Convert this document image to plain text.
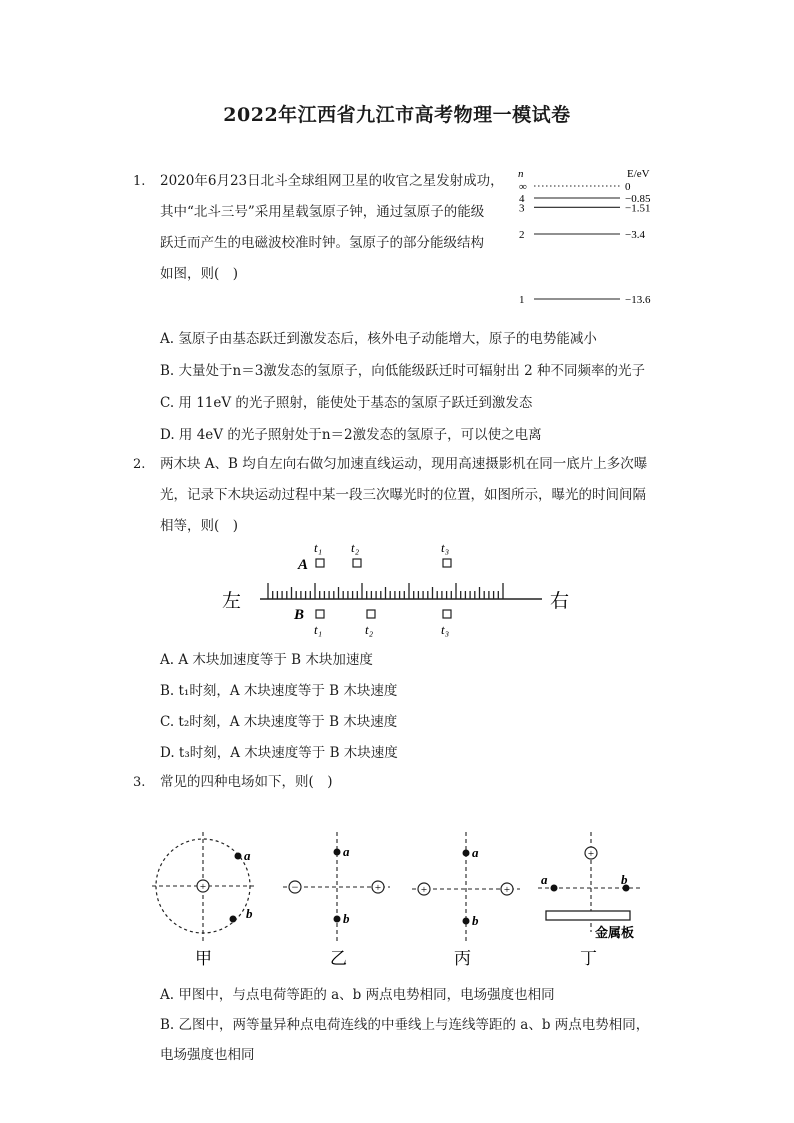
2022年江西省九江市高考物理一模试卷
1. 2020年6月23日北斗全球组网卫星的收官之星发射成功，
其中“北斗三号”采用星载氢原子钟，通过氢原子的能级
跃迁而产生的电磁波校准时钟。氢原子的部分能级结构
如图，则(　)
n	E/eV
∞	0
4	−0.85
3	−1.51
2	−3.4
1	−13.6
A. 氢原子由基态跃迁到激发态后，核外电子动能增大，原子的电势能减小
B. 大量处于n＝3激发态的氢原子，向低能级跃迁时可辐射出 2 种不同频率的光子
C. 用 11eV 的光子照射，能使处于基态的氢原子跃迁到激发态
D. 用 4eV 的光子照射处于n＝2激发态的氢原子，可以使之电离
2. 两木块 A、B 均自左向右做匀加速直线运动，现用高速摄影机在同一底片上多次曝
光，记录下木块运动过程中某一段三次曝光时的位置，如图所示，曝光的时间间隔
相等，则(　)
左	右
A
t₁ t₂	t₃
B
t₁	t₂	t₃
A. A 木块加速度等于 B 木块加速度
B. t₁时刻，A 木块速度等于 B 木块速度
C. t₂时刻，A 木块速度等于 B 木块速度
D. t₃时刻，A 木块速度等于 B 木块速度
3. 常见的四种电场如下，则(　)
+
a
b
甲
−	+
a
b
乙
+	+
a
b
丙
+
a	b
金属板
丁
A. 甲图中，与点电荷等距的 a、b 两点电势相同，电场强度也相同
B. 乙图中，两等量异种点电荷连线的中垂线上与连线等距的 a、b 两点电势相同，
电场强度也相同
